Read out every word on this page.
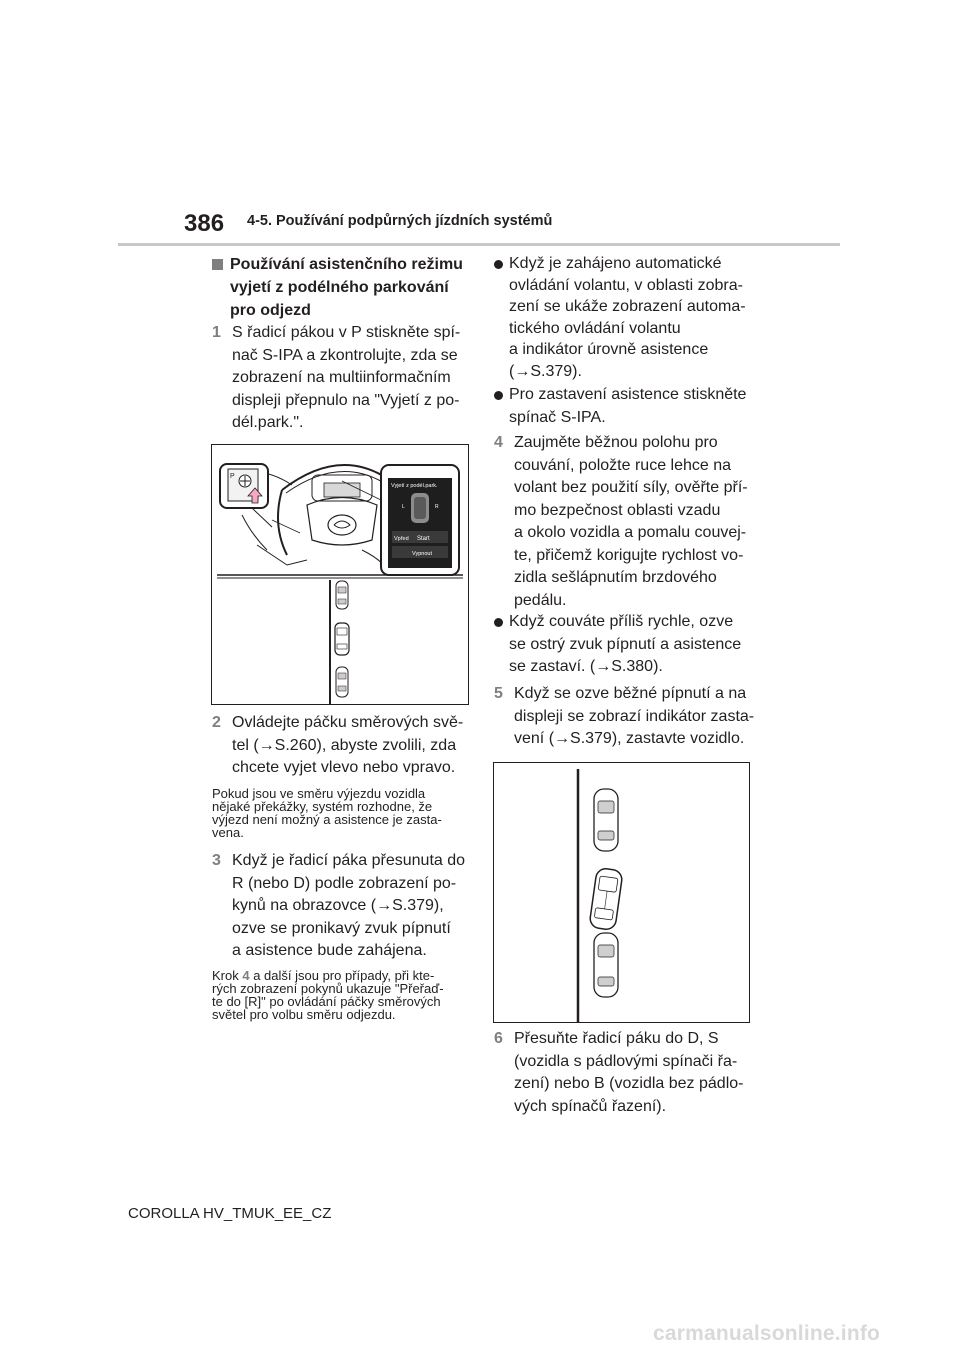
386 4-5. Používání podpůrných jízdních systémů
Používání asistenčního režimu vyjetí z podélného parkování pro odjezd
1 S řadicí pákou v P stiskněte spí-
nač S-IPA a zkontrolujte, zda se
zobrazení na multiinformačním
displeji přepnulo na "Vyjetí z po-
dél.park.".
P
Vyjetí z podél.park.
L	R
Vpřed Start
Vypnout
2 Ovládejte páčku směrových svě-
tel (→S.260), abyste zvolili, zda
chcete vyjet vlevo nebo vpravo.
Pokud jsou ve směru výjezdu vozidla
nějaké překážky, systém rozhodne, že
výjezd není možný a asistence je zasta-
vena.
3 Když je řadicí páka přesunuta do
R (nebo D) podle zobrazení po-
kynů na obrazovce (→S.379),
ozve se pronikavý zvuk pípnutí
a asistence bude zahájena.
Krok 4 a další jsou pro případy, při kte-
rých zobrazení pokynů ukazuje "Přeřaď-
te do [R]" po ovládání páčky směrových
světel pro volbu směru odjezdu.
Když je zahájeno automatické
ovládání volantu, v oblasti zobra-
zení se ukáže zobrazení automa-
tického ovládání volantu
a indikátor úrovně asistence
(→S.379).
Pro zastavení asistence stiskněte
spínač S-IPA.
4 Zaujměte běžnou polohu pro
couvání, položte ruce lehce na
volant bez použití síly, ověřte pří-
mo bezpečnost oblasti vzadu
a okolo vozidla a pomalu couvej-
te, přičemž korigujte rychlost vo-
zidla sešlápnutím brzdového
pedálu.
Když couváte příliš rychle, ozve
se ostrý zvuk pípnutí a asistence
se zastaví. (→S.380).
5 Když se ozve běžné pípnutí a na
displeji se zobrazí indikátor zasta-
vení (→S.379), zastavte vozidlo.
6 Přesuňte řadicí páku do D, S
(vozidla s pádlovými spínači řa-
zení) nebo B (vozidla bez pádlo-
vých spínačů řazení).
COROLLA HV_TMUK_EE_CZ
carmanualsonline.info
